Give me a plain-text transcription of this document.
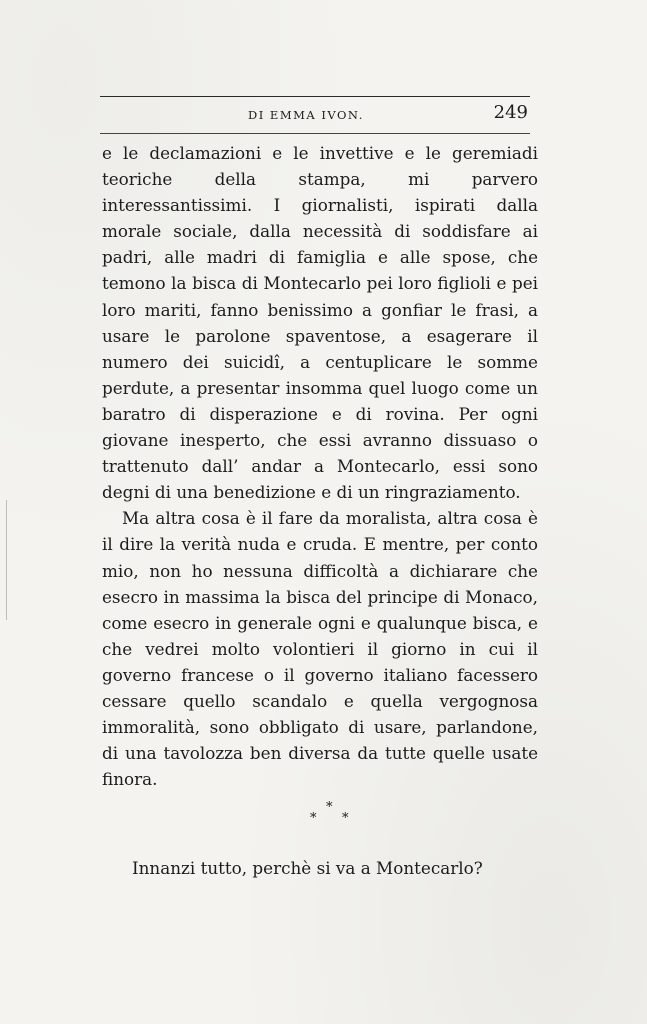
DI EMMA IVON.	249

e le declamazioni e le invettive e le geremiadi teoriche della stampa, mi parvero interessantissimi. I giornalisti, ispirati dalla morale sociale, dalla necessità di soddisfare ai padri, alle madri di famiglia e alle spose, che temono la bisca di Montecarlo pei loro figlioli e pei loro mariti, fanno benissimo a gonfiar le frasi, a usare le parolone spaventose, a esagerare il numero dei suicidî, a centuplicare le somme perdute, a presentar insomma quel luogo come un baratro di disperazione e di rovina. Per ogni giovane inesperto, che essi avranno dissuaso o trattenuto dall’ andar a Montecarlo, essi sono degni di una benedizione e di un ringraziamento.

Ma altra cosa è il fare da moralista, altra cosa è il dire la verità nuda e cruda. E mentre, per conto mio, non ho nessuna difficoltà a dichiarare che esecro in massima la bisca del principe di Monaco, come esecro in generale ogni e qualunque bisca, e che vedrei molto volontieri il giorno in cui il governo francese o il governo italiano facessero cessare quello scandalo e quella vergognosa immoralità, sono obbligato di usare, parlandone, di una tavolozza ben diversa da tutte quelle usate finora.

*
* *
Innanzi tutto, perchè si va a Montecarlo?
